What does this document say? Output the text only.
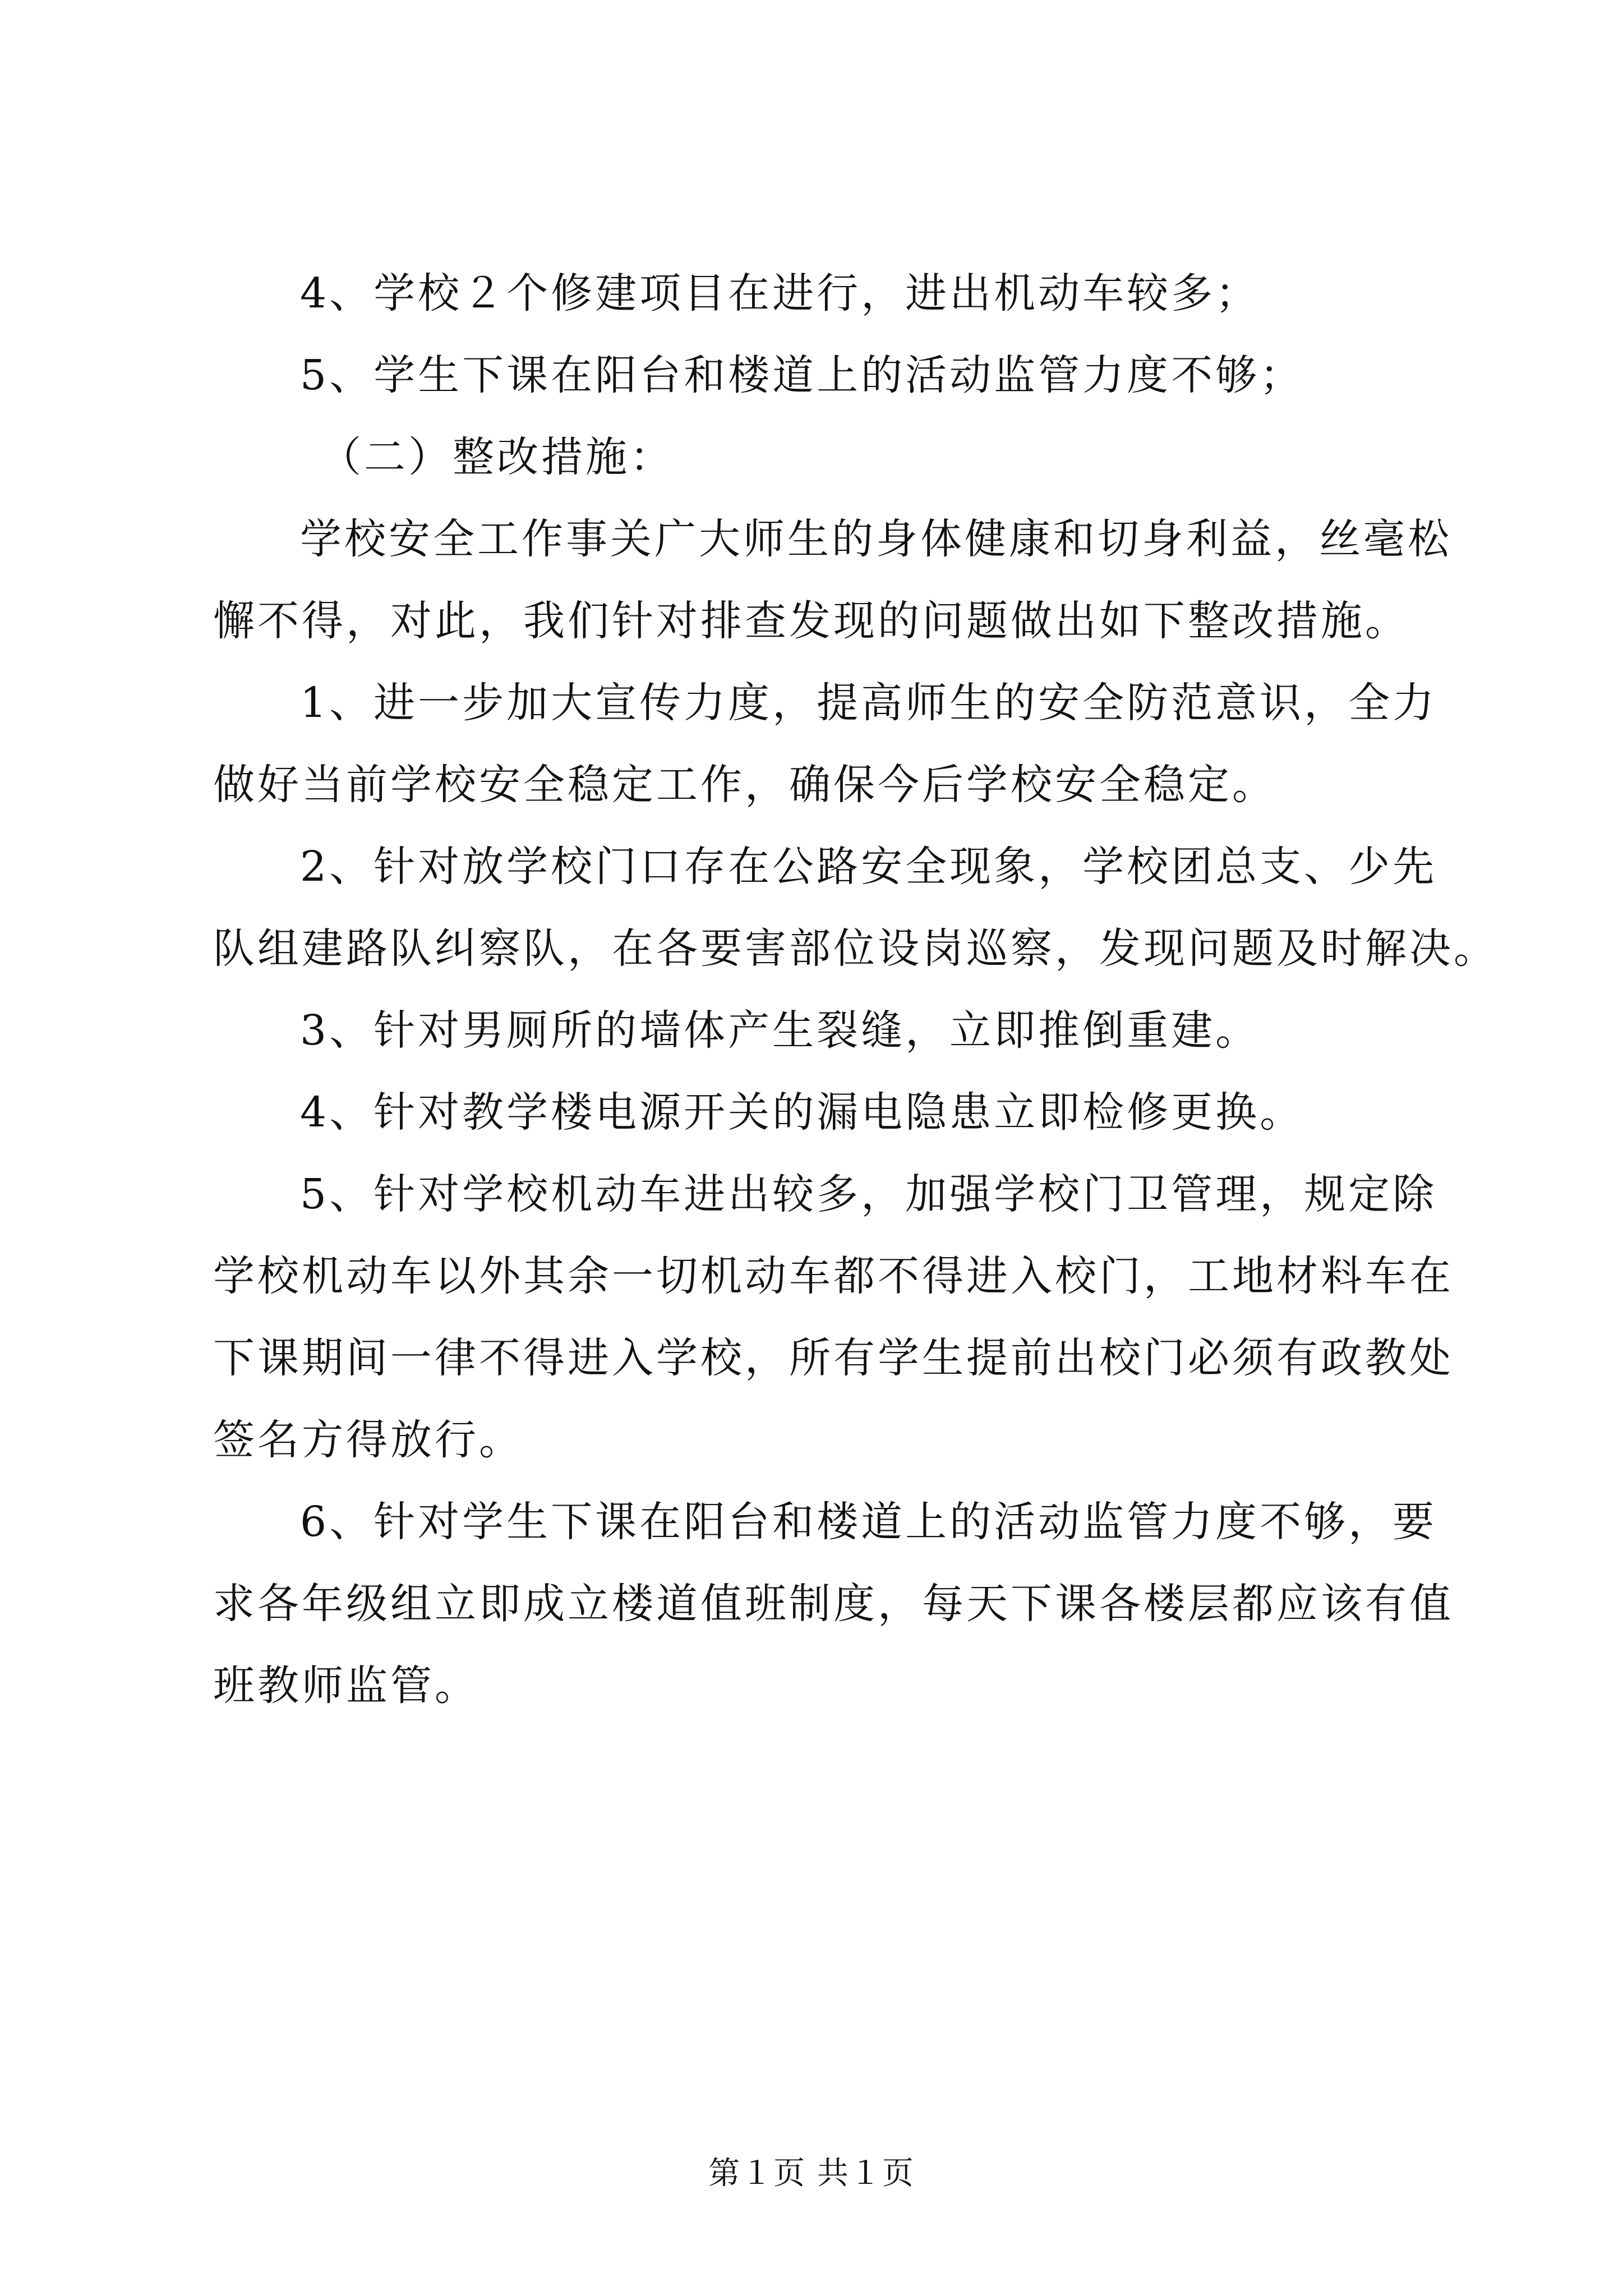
4、学校２个修建项目在进行，进出机动车较多；
5、学生下课在阳台和楼道上的活动监管力度不够；
（二）整改措施：
学校安全工作事关广大师生的身体健康和切身利益，丝毫松
懈不得，对此，我们针对排查发现的问题做出如下整改措施。
1、进一步加大宣传力度，提高师生的安全防范意识，全力
做好当前学校安全稳定工作，确保今后学校安全稳定。
2、针对放学校门口存在公路安全现象，学校团总支、少先
队组建路队纠察队，在各要害部位设岗巡察，发现问题及时解决。
3、针对男厕所的墙体产生裂缝，立即推倒重建。
4、针对教学楼电源开关的漏电隐患立即检修更换。
5、针对学校机动车进出较多，加强学校门卫管理，规定除
学校机动车以外其余一切机动车都不得进入校门，工地材料车在
下课期间一律不得进入学校，所有学生提前出校门必须有政教处
签名方得放行。
6、针对学生下课在阳台和楼道上的活动监管力度不够，要
求各年级组立即成立楼道值班制度，每天下课各楼层都应该有值
班教师监管。
第１页 共１页
